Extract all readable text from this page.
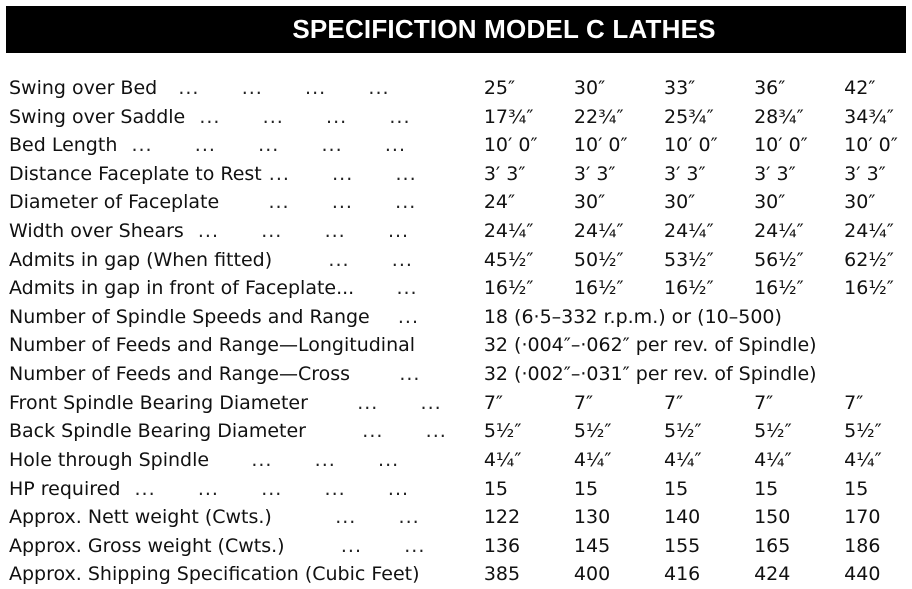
SPECIFICTION MODEL C LATHES
Swing over Bed   ...      ...      ...      ...	25″	30″	33″	36″	42″
Swing over Saddle  ...      ...      ...      ...	17¾″	22¾″	25¾″	28¾″	34¾″
Bed Length  ...      ...      ...      ...      ...	10′ 0″	10′ 0″	10′ 0″	10′ 0″	10′ 0″
Distance Faceplate to Rest ...      ...      ...	3′ 3″	3′ 3″	3′ 3″	3′ 3″	3′ 3″
Diameter of Faceplate       ...      ...      ...	24″	30″	30″	30″	30″
Width over Shears  ...      ...      ...      ...	24¼″	24¼″	24¼″	24¼″	24¼″
Admits in gap (When fitted)        ...      ...	45½″	50½″	53½″	56½″	62½″
Admits in gap in front of Faceplate...      ...	16½″	16½″	16½″	16½″	16½″
Number of Spindle Speeds and Range    ...	18 (6·5–332 r.p.m.) or (10–500)				
Number of Feeds and Range—Longitudinal	32 (·004″–·062″ per rev. of Spindle)				
Number of Feeds and Range—Cross       ...	32 (·002″–·031″ per rev. of Spindle)				
Front Spindle Bearing Diameter       ...      ...	7″	7″	7″	7″	7″
Back Spindle Bearing Diameter        ...      ...	5½″	5½″	5½″	5½″	5½″
Hole through Spindle      ...      ...      ...	4¼″	4¼″	4¼″	4¼″	4¼″
HP required  ...      ...      ...      ...      ...	15	15	15	15	15
Approx. Nett weight (Cwts.)         ...      ...	122	130	140	150	170
Approx. Gross weight (Cwts.)        ...      ...	136	145	155	165	186
Approx. Shipping Specification (Cubic Feet)	385	400	416	424	440
